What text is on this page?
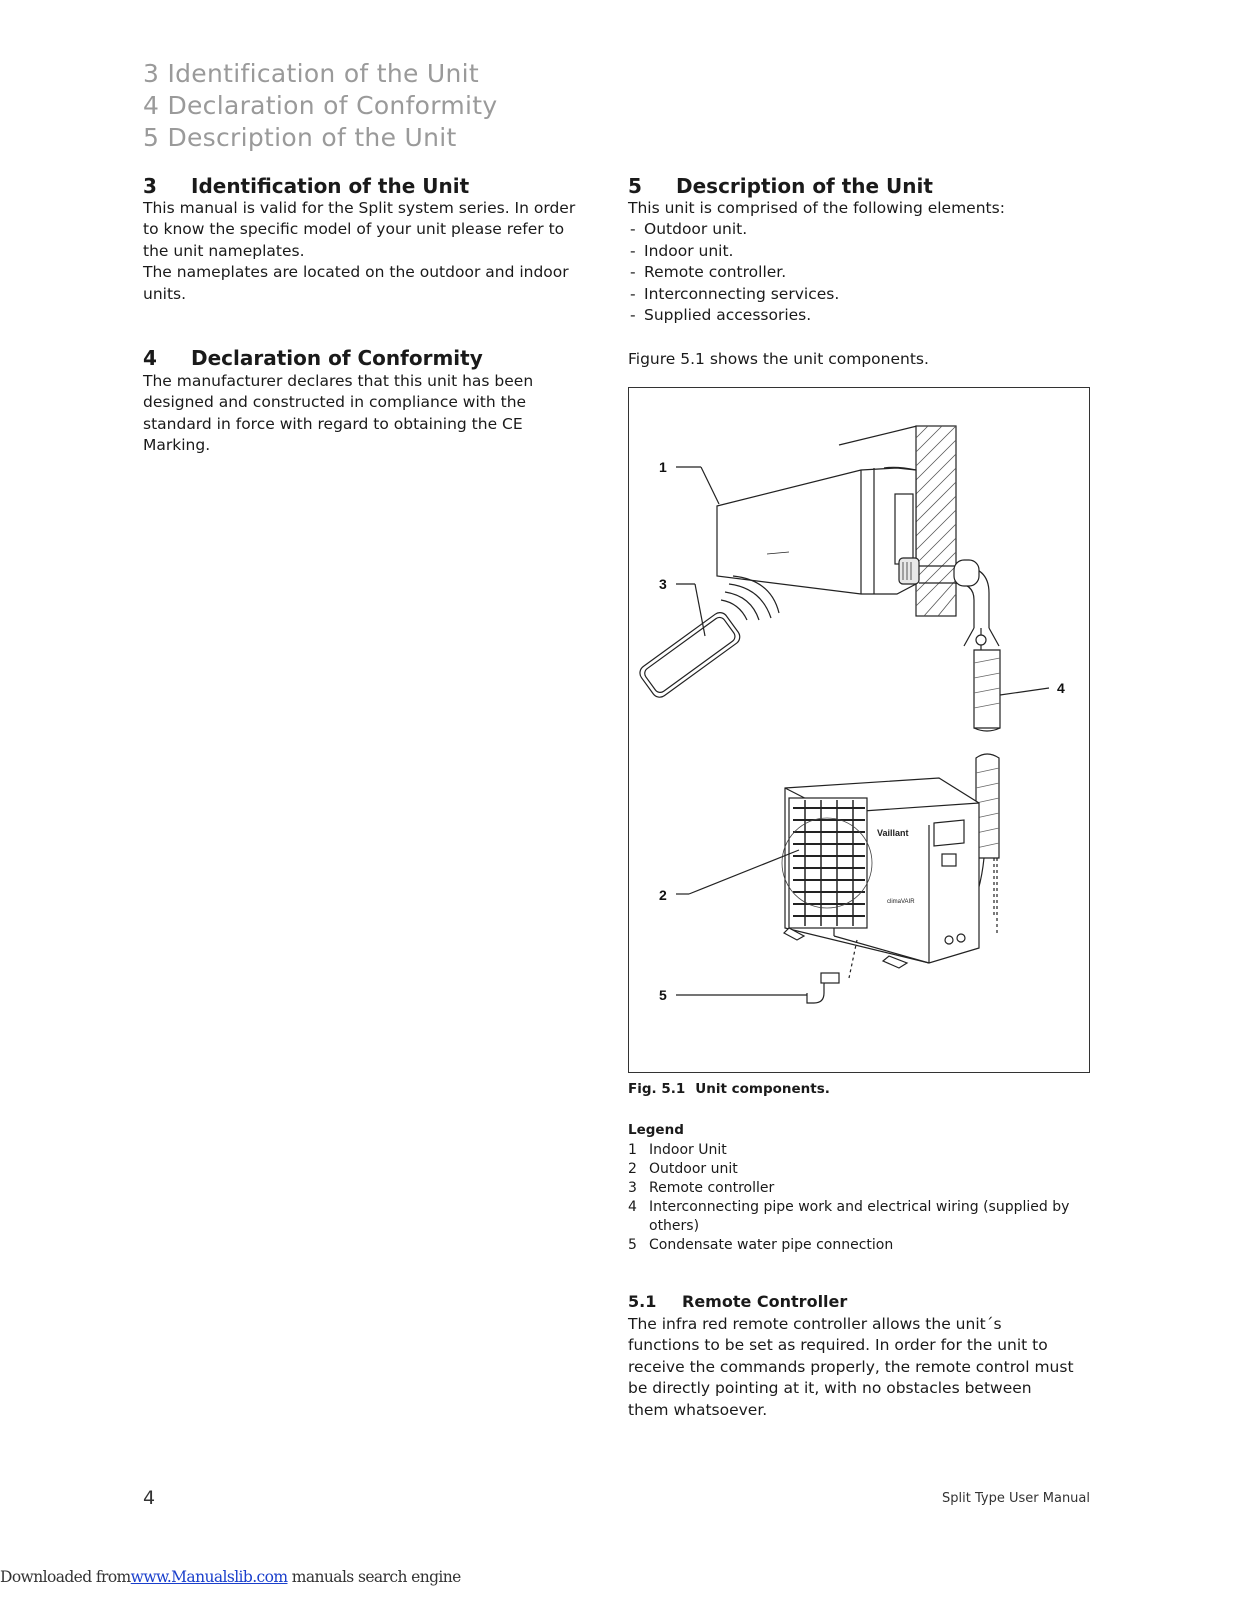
3 Identification of the Unit
4 Declaration of Conformity
5 Description of the Unit
3 Identification of the Unit
This manual is valid for the Split system series. In order
to know the specific model of your unit please refer to
the unit nameplates.
The nameplates are located on the outdoor and indoor
units.
4 Declaration of Conformity
The manufacturer declares that this unit has been
designed and constructed in compliance with the
standard in force with regard to obtaining the CE
Marking.
5 Description of the Unit
This unit is comprised of the following elements:
- Outdoor unit.
- Indoor unit.
- Remote controller.
- Interconnecting services.
- Supplied accessories.
Figure 5.1 shows the unit components.
1
3
4
2
5
Vaillant
climaVAIR
Fig. 5.1 Unit components.
Legend
1 Indoor Unit
2 Outdoor unit
3 Remote controller
4 Interconnecting pipe work and electrical wiring (supplied by
others)
5 Condensate water pipe connection
5.1 Remote Controller
The infra red remote controller allows the unit´s
functions to be set as required. In order for the unit to
receive the commands properly, the remote control must
be directly pointing at it, with no obstacles between
them whatsoever.
4	Split Type User Manual
Downloaded fromwww.Manualslib.com manuals search engine
